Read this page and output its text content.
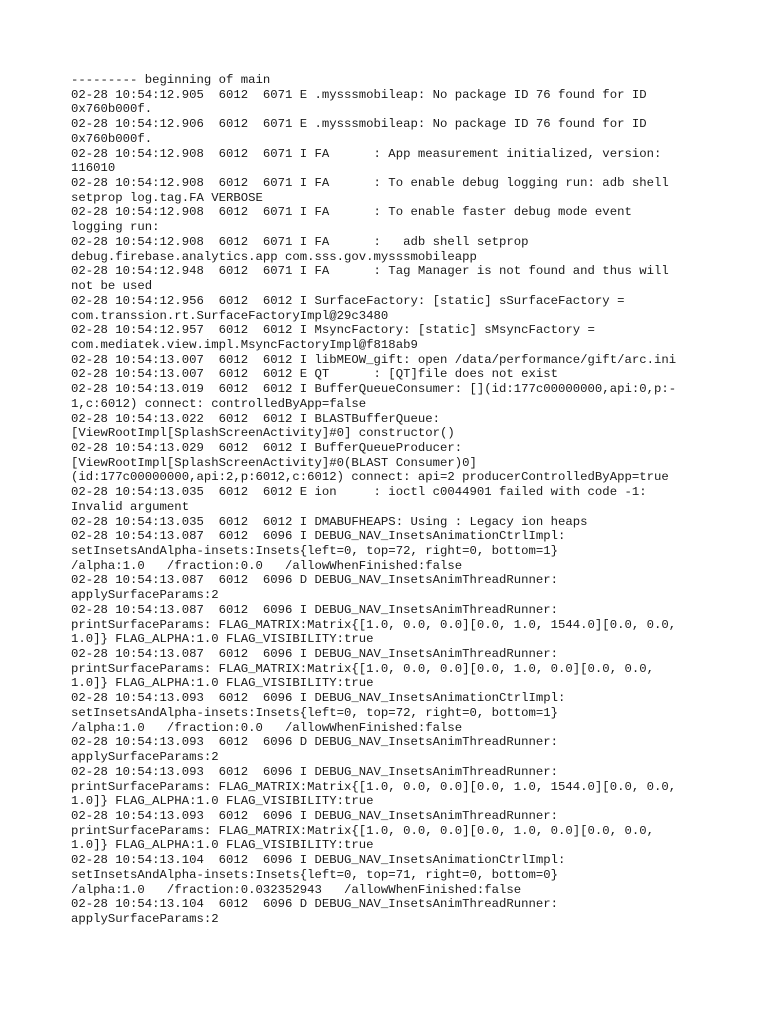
--------- beginning of main
02-28 10:54:12.905  6012  6071 E .mysssmobileap: No package ID 76 found for ID
0x760b000f.
02-28 10:54:12.906  6012  6071 E .mysssmobileap: No package ID 76 found for ID
0x760b000f.
02-28 10:54:12.908  6012  6071 I FA      : App measurement initialized, version:
116010
02-28 10:54:12.908  6012  6071 I FA      : To enable debug logging run: adb shell
setprop log.tag.FA VERBOSE
02-28 10:54:12.908  6012  6071 I FA      : To enable faster debug mode event
logging run:
02-28 10:54:12.908  6012  6071 I FA      :   adb shell setprop
debug.firebase.analytics.app com.sss.gov.mysssmobileapp
02-28 10:54:12.948  6012  6071 I FA      : Tag Manager is not found and thus will
not be used
02-28 10:54:12.956  6012  6012 I SurfaceFactory: [static] sSurfaceFactory =
com.transsion.rt.SurfaceFactoryImpl@29c3480
02-28 10:54:12.957  6012  6012 I MsyncFactory: [static] sMsyncFactory =
com.mediatek.view.impl.MsyncFactoryImpl@f818ab9
02-28 10:54:13.007  6012  6012 I libMEOW_gift: open /data/performance/gift/arc.ini
02-28 10:54:13.007  6012  6012 E QT      : [QT]file does not exist
02-28 10:54:13.019  6012  6012 I BufferQueueConsumer: [](id:177c00000000,api:0,p:-
1,c:6012) connect: controlledByApp=false
02-28 10:54:13.022  6012  6012 I BLASTBufferQueue:
[ViewRootImpl[SplashScreenActivity]#0] constructor()
02-28 10:54:13.029  6012  6012 I BufferQueueProducer:
[ViewRootImpl[SplashScreenActivity]#0(BLAST Consumer)0]
(id:177c00000000,api:2,p:6012,c:6012) connect: api=2 producerControlledByApp=true
02-28 10:54:13.035  6012  6012 E ion     : ioctl c0044901 failed with code -1:
Invalid argument
02-28 10:54:13.035  6012  6012 I DMABUFHEAPS: Using : Legacy ion heaps
02-28 10:54:13.087  6012  6096 I DEBUG_NAV_InsetsAnimationCtrlImpl:
setInsetsAndAlpha-insets:Insets{left=0, top=72, right=0, bottom=1}
/alpha:1.0   /fraction:0.0   /allowWhenFinished:false
02-28 10:54:13.087  6012  6096 D DEBUG_NAV_InsetsAnimThreadRunner:
applySurfaceParams:2
02-28 10:54:13.087  6012  6096 I DEBUG_NAV_InsetsAnimThreadRunner:
printSurfaceParams: FLAG_MATRIX:Matrix{[1.0, 0.0, 0.0][0.0, 1.0, 1544.0][0.0, 0.0,
1.0]} FLAG_ALPHA:1.0 FLAG_VISIBILITY:true
02-28 10:54:13.087  6012  6096 I DEBUG_NAV_InsetsAnimThreadRunner:
printSurfaceParams: FLAG_MATRIX:Matrix{[1.0, 0.0, 0.0][0.0, 1.0, 0.0][0.0, 0.0,
1.0]} FLAG_ALPHA:1.0 FLAG_VISIBILITY:true
02-28 10:54:13.093  6012  6096 I DEBUG_NAV_InsetsAnimationCtrlImpl:
setInsetsAndAlpha-insets:Insets{left=0, top=72, right=0, bottom=1}
/alpha:1.0   /fraction:0.0   /allowWhenFinished:false
02-28 10:54:13.093  6012  6096 D DEBUG_NAV_InsetsAnimThreadRunner:
applySurfaceParams:2
02-28 10:54:13.093  6012  6096 I DEBUG_NAV_InsetsAnimThreadRunner:
printSurfaceParams: FLAG_MATRIX:Matrix{[1.0, 0.0, 0.0][0.0, 1.0, 1544.0][0.0, 0.0,
1.0]} FLAG_ALPHA:1.0 FLAG_VISIBILITY:true
02-28 10:54:13.093  6012  6096 I DEBUG_NAV_InsetsAnimThreadRunner:
printSurfaceParams: FLAG_MATRIX:Matrix{[1.0, 0.0, 0.0][0.0, 1.0, 0.0][0.0, 0.0,
1.0]} FLAG_ALPHA:1.0 FLAG_VISIBILITY:true
02-28 10:54:13.104  6012  6096 I DEBUG_NAV_InsetsAnimationCtrlImpl:
setInsetsAndAlpha-insets:Insets{left=0, top=71, right=0, bottom=0}
/alpha:1.0   /fraction:0.032352943   /allowWhenFinished:false
02-28 10:54:13.104  6012  6096 D DEBUG_NAV_InsetsAnimThreadRunner:
applySurfaceParams:2
